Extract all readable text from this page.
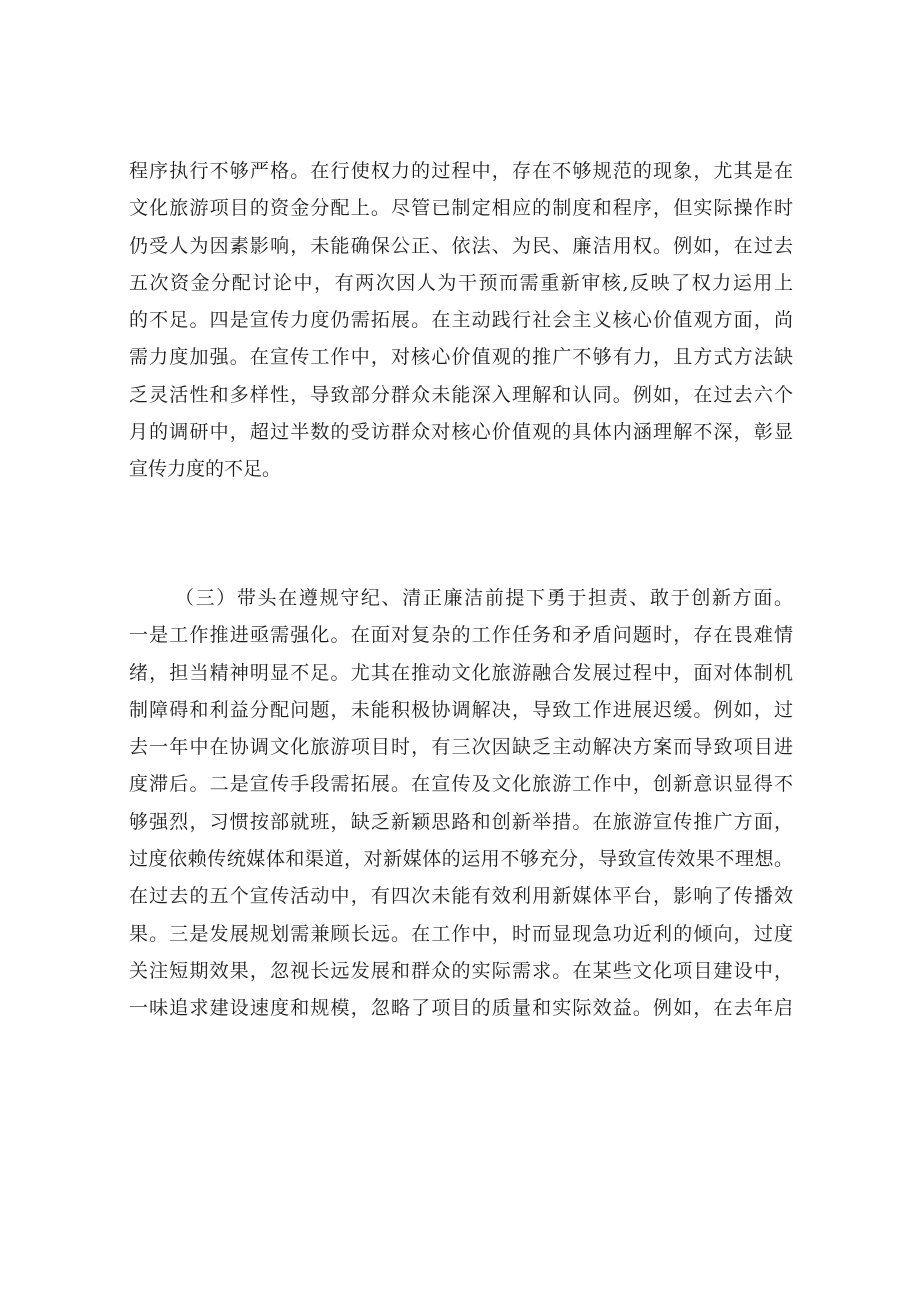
程序执行不够严格。在行使权力的过程中，存在不够规范的现象，尤其是在
文化旅游项目的资金分配上。尽管已制定相应的制度和程序，但实际操作时
仍受人为因素影响，未能确保公正、依法、为民、廉洁用权。例如，在过去
五次资金分配讨论中，有两次因人为干预而需重新审核,反映了权力运用上
的不足。四是宣传力度仍需拓展。在主动践行社会主义核心价值观方面，尚
需力度加强。在宣传工作中，对核心价值观的推广不够有力，且方式方法缺
乏灵活性和多样性，导致部分群众未能深入理解和认同。例如，在过去六个
月的调研中，超过半数的受访群众对核心价值观的具体内涵理解不深，彰显
宣传力度的不足。
（三）带头在遵规守纪、清正廉洁前提下勇于担责、敢于创新方面。
一是工作推进亟需强化。在面对复杂的工作任务和矛盾问题时，存在畏难情
绪，担当精神明显不足。尤其在推动文化旅游融合发展过程中，面对体制机
制障碍和利益分配问题，未能积极协调解决，导致工作进展迟缓。例如，过
去一年中在协调文化旅游项目时，有三次因缺乏主动解决方案而导致项目进
度滞后。二是宣传手段需拓展。在宣传及文化旅游工作中，创新意识显得不
够强烈，习惯按部就班，缺乏新颖思路和创新举措。在旅游宣传推广方面，
过度依赖传统媒体和渠道，对新媒体的运用不够充分，导致宣传效果不理想。
在过去的五个宣传活动中，有四次未能有效利用新媒体平台，影响了传播效
果。三是发展规划需兼顾长远。在工作中，时而显现急功近利的倾向，过度
关注短期效果，忽视长远发展和群众的实际需求。在某些文化项目建设中，
一味追求建设速度和规模，忽略了项目的质量和实际效益。例如，在去年启
